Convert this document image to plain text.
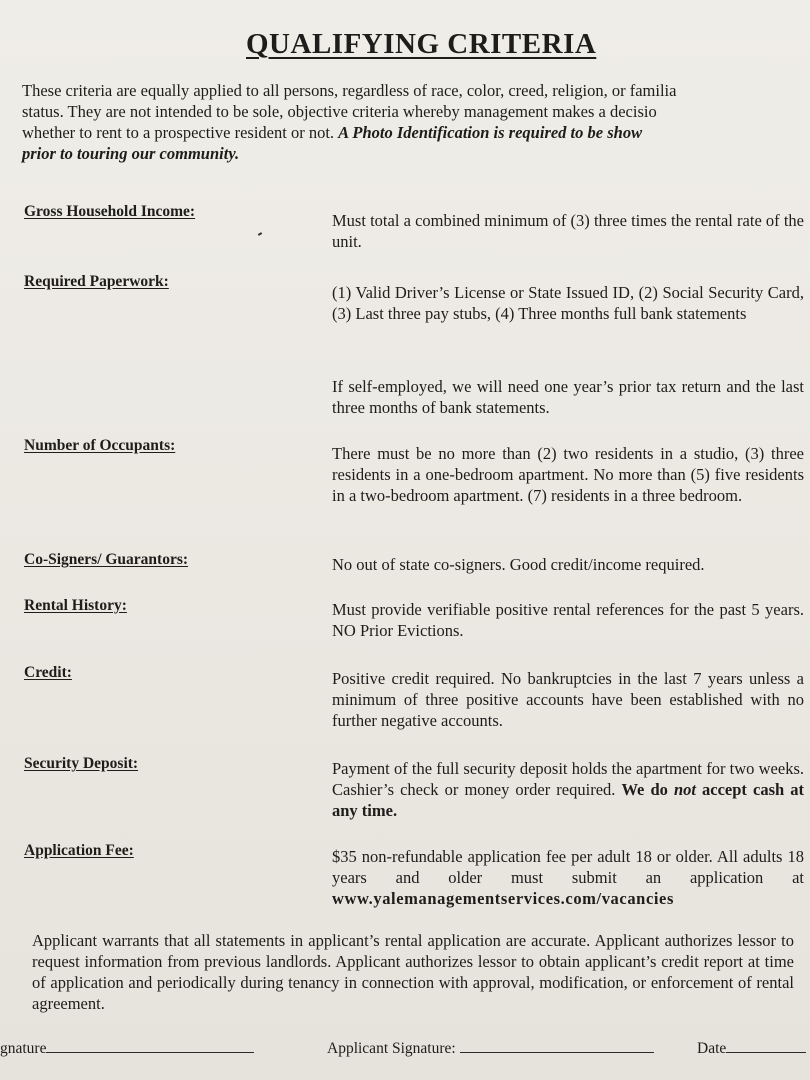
QUALIFYING CRITERIA
These criteria are equally applied to all persons, regardless of race, color, creed, religion, or familia
status. They are not intended to be sole, objective criteria whereby management makes a decisio
whether to rent to a prospective resident or not. A Photo Identification is required to be show
prior to touring our community.
Gross Household Income:	Must total a combined minimum of (3) three times the rental rate of the unit.
Required Paperwork:
(1) Valid Driver’s License or State Issued ID, (2) Social Security Card, (3) Last three pay stubs, (4) Three months full bank statements
If self-employed, we will need one year’s prior tax return and the last three months of bank statements.
Number of Occupants:	There must be no more than (2) two residents in a studio, (3) three residents in a one-bedroom apartment. No more than (5) five residents in a two-bedroom apartment. (7) residents in a three bedroom.
Co-Signers/ Guarantors:	No out of state co-signers. Good credit/income required.
Rental History:	Must provide verifiable positive rental references for the past 5 years. NO Prior Evictions.
Credit:	Positive credit required. No bankruptcies in the last 7 years unless a minimum of three positive accounts have been established with no further negative accounts.
Security Deposit:	Payment of the full security deposit holds the apartment for two weeks. Cashier’s check or money order required. We do not accept cash at any time.
Application Fee:	$35 non-refundable application fee per adult 18 or older. All adults 18 years and older must submit an application at www.yalemanagementservices.com/vacancies
Applicant warrants that all statements in applicant’s rental application are accurate. Applicant authorizes lessor to request information from previous landlords. Applicant authorizes lessor to obtain applicant’s credit report at time of application and periodically during tenancy in connection with approval, modification, or enforcement of rental agreement.
gnature	Applicant Signature:	Date
